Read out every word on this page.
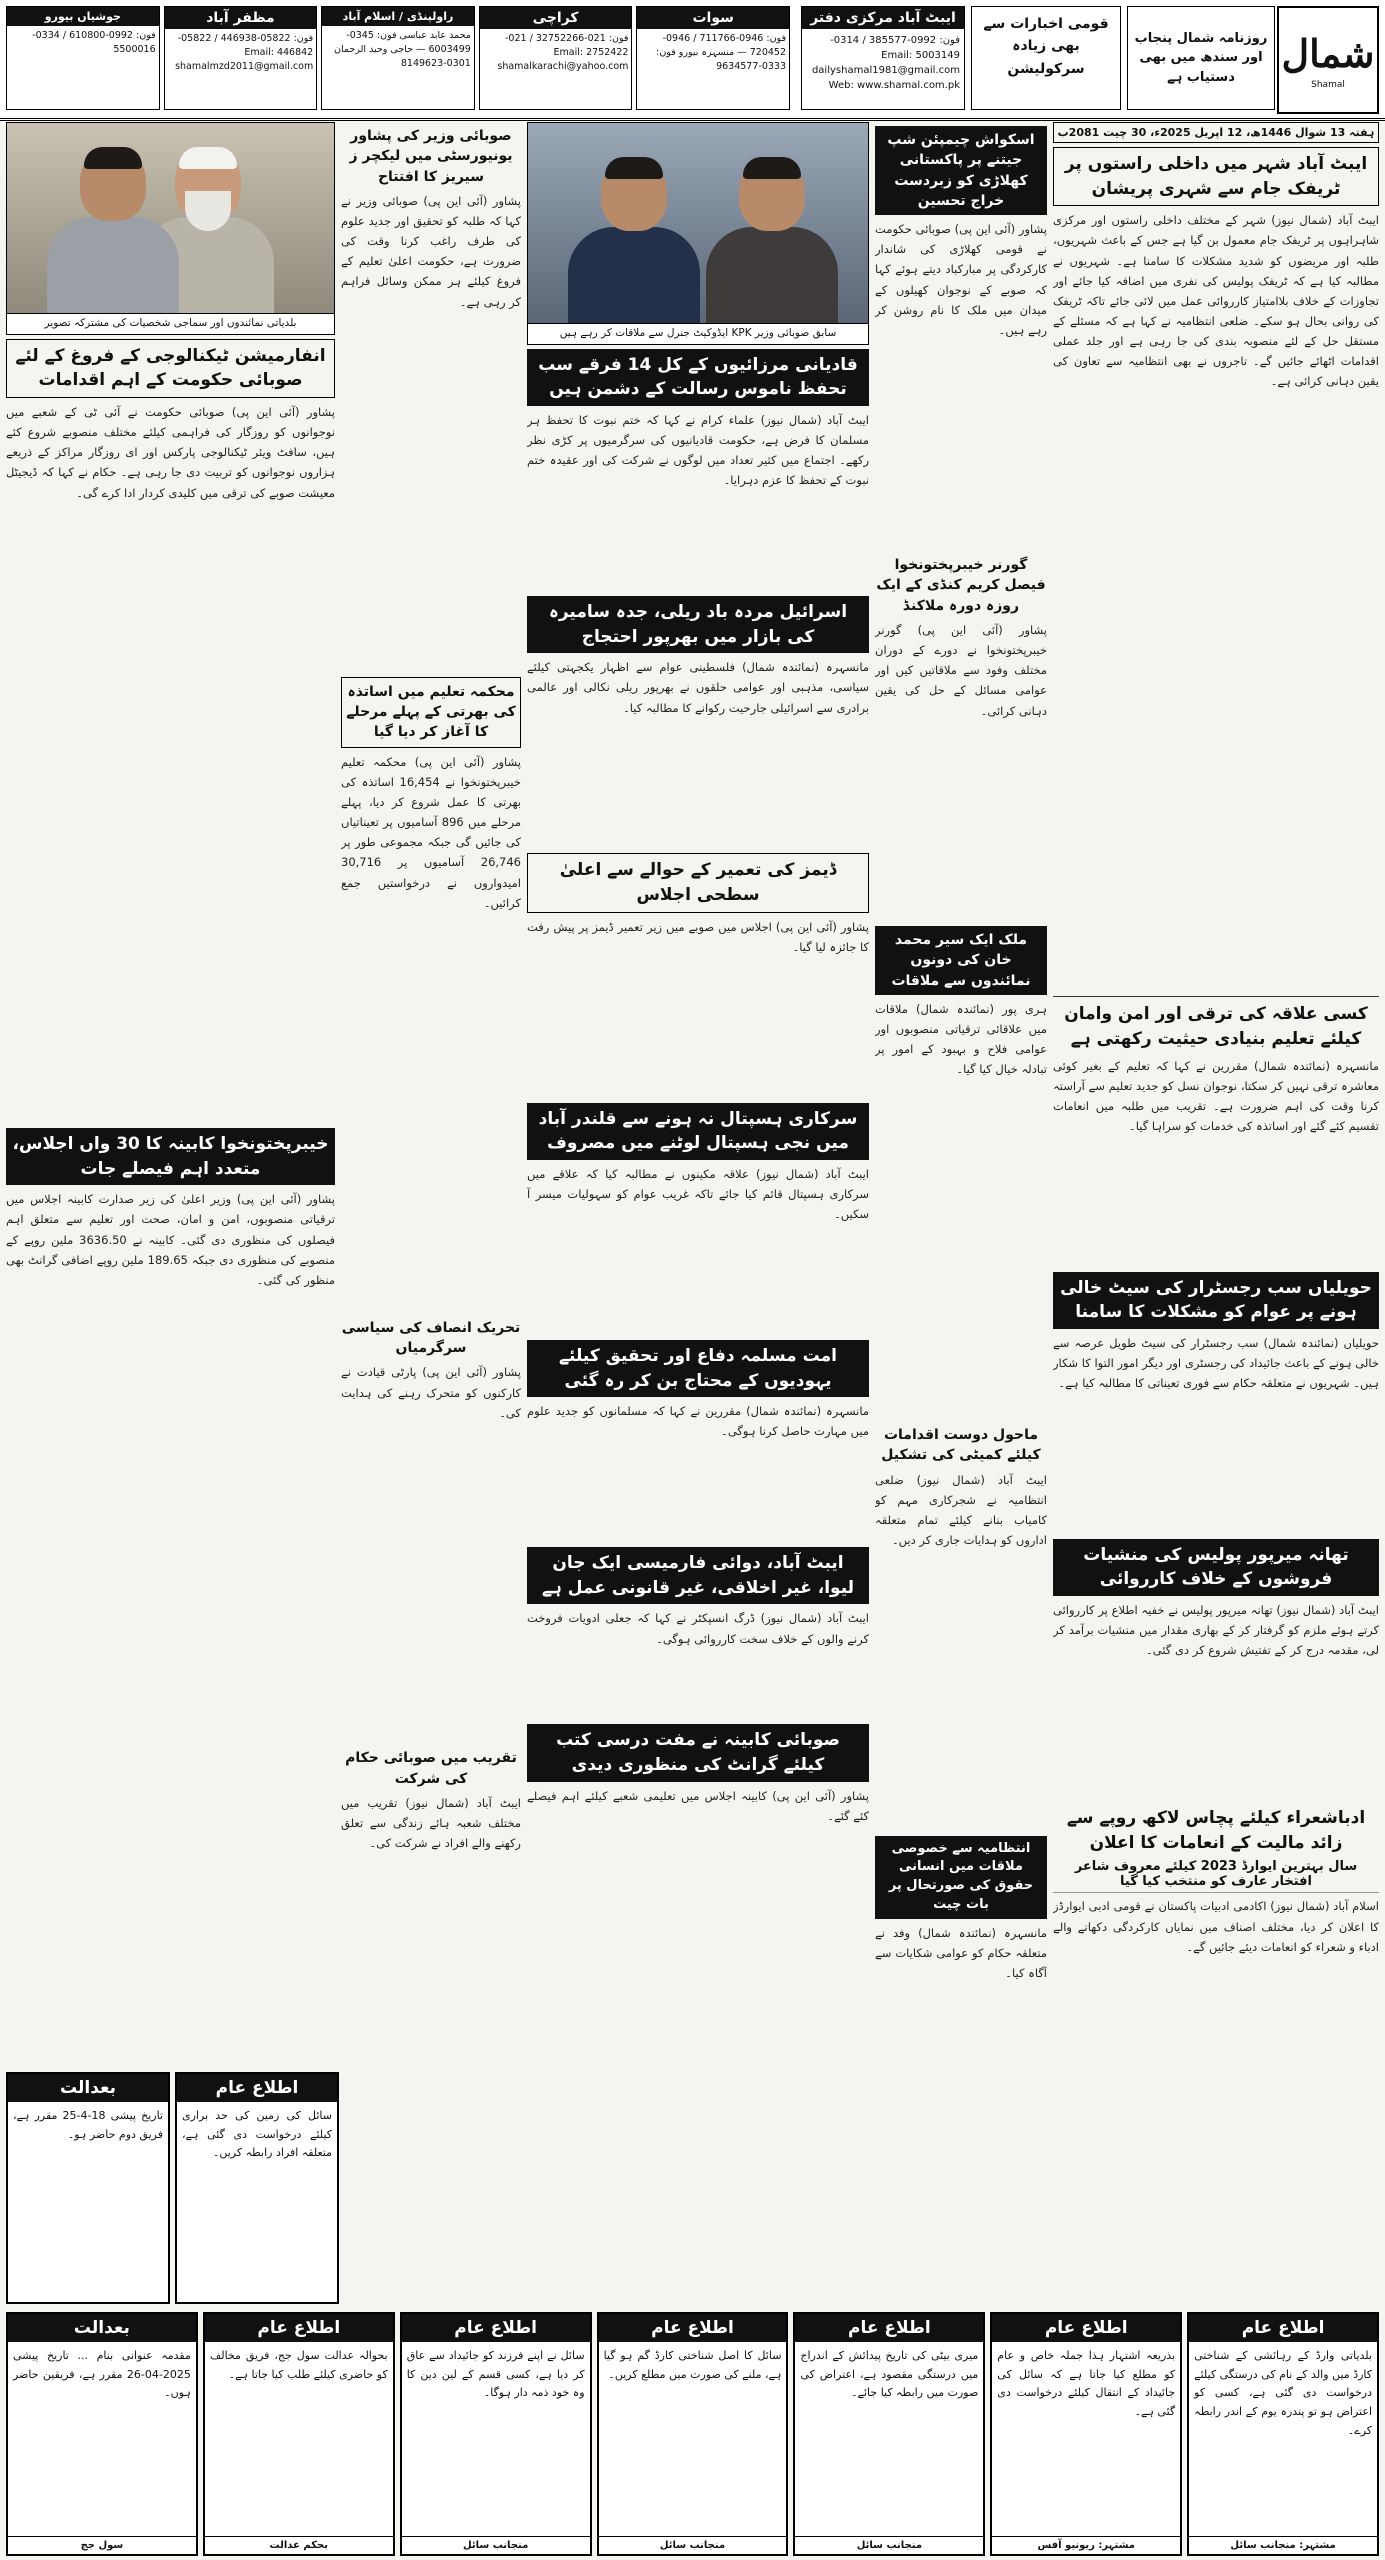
شمال
Shamal
روزنامہ شمال پنجاب اور سندھ میں بھی دستیاب ہے
قومی اخبارات سے بھی زیادہ سرکولیشن
ایبٹ آباد مرکزی دفتر
فون: 0992-385577 / 0314-5003149 Email: dailyshamal1981@gmail.com Web: www.shamal.com.pk
سوات
فون: 0946-711766 / 0946-720452 — منسہرہ بیورو فون: 0333-9634577
کراچی
فون: 021-32752266 / 021-2752422 Email: shamalkarachi@yahoo.com
راولپنڈی / اسلام آباد
محمد عابد عباسی فون: 0345-6003499 — حاجی وحید الرحمان 0301-8149623
مظفر آباد
فون: 05822-446938 / 05822-446842 Email: shamalmzd2011@gmail.com
جوشیاں بیورو
فون: 0992-610800 / 0334-5500016
ہفتہ 13 شوال 1446ھ، 12 اپریل 2025ء، 30 چیت 2081ب
ایبٹ آباد شہر میں داخلی راستوں پر ٹریفک جام سے شہری پریشان
ایبٹ آباد (شمال نیوز) شہر کے مختلف داخلی راستوں اور مرکزی شاہراہوں پر ٹریفک جام معمول بن گیا ہے جس کے باعث شہریوں، طلبہ اور مریضوں کو شدید مشکلات کا سامنا ہے۔ شہریوں نے مطالبہ کیا ہے کہ ٹریفک پولیس کی نفری میں اضافہ کیا جائے اور تجاوزات کے خلاف بلاامتیاز کارروائی عمل میں لائی جائے تاکہ ٹریفک کی روانی بحال ہو سکے۔ ضلعی انتظامیہ نے کہا ہے کہ مسئلے کے مستقل حل کے لئے منصوبہ بندی کی جا رہی ہے اور جلد عملی اقدامات اٹھائے جائیں گے۔ تاجروں نے بھی انتظامیہ سے تعاون کی یقین دہانی کرائی ہے۔
کسی علاقہ کی ترقی اور امن وامان کیلئے تعلیم بنیادی حیثیت رکھتی ہے
مانسہرہ (نمائندہ شمال) مقررین نے کہا کہ تعلیم کے بغیر کوئی معاشرہ ترقی نہیں کر سکتا، نوجوان نسل کو جدید تعلیم سے آراستہ کرنا وقت کی اہم ضرورت ہے۔ تقریب میں طلبہ میں انعامات تقسیم کئے گئے اور اساتذہ کی خدمات کو سراہا گیا۔
حویلیاں سب رجسٹرار کی سیٹ خالی ہونے پر عوام کو مشکلات کا سامنا
حویلیاں (نمائندہ شمال) سب رجسٹرار کی سیٹ طویل عرصہ سے خالی ہونے کے باعث جائیداد کی رجسٹری اور دیگر امور التوا کا شکار ہیں۔ شہریوں نے متعلقہ حکام سے فوری تعیناتی کا مطالبہ کیا ہے۔
تھانہ میرپور پولیس کی منشیات فروشوں کے خلاف کارروائی
ایبٹ آباد (شمال نیوز) تھانہ میرپور پولیس نے خفیہ اطلاع پر کارروائی کرتے ہوئے ملزم کو گرفتار کر کے بھاری مقدار میں منشیات برآمد کر لی، مقدمہ درج کر کے تفتیش شروع کر دی گئی۔
ادباشعراء کیلئے پچاس لاکھ روپے سے زائد مالیت کے انعامات کا اعلان
سال بہترین ایوارڈ 2023 کیلئے معروف شاعر افتخار عارف کو منتخب کیا گیا
اسلام آباد (شمال نیوز) اکادمی ادبیات پاکستان نے قومی ادبی ایوارڈز کا اعلان کر دیا، مختلف اصناف میں نمایاں کارکردگی دکھانے والے ادباء و شعراء کو انعامات دیئے جائیں گے۔
اسکواش چیمپئن شپ جیتنے پر پاکستانی کھلاڑی کو زبردست خراج تحسین
پشاور (آئی این پی) صوبائی حکومت نے قومی کھلاڑی کی شاندار کارکردگی پر مبارکباد دیتے ہوئے کہا کہ صوبے کے نوجوان کھیلوں کے میدان میں ملک کا نام روشن کر رہے ہیں۔
گورنر خیبرپختونخوا فیصل کریم کنڈی کے ایک روزہ دورہ ملاکنڈ
پشاور (آئی این پی) گورنر خیبرپختونخوا نے دورے کے دوران مختلف وفود سے ملاقاتیں کیں اور عوامی مسائل کے حل کی یقین دہانی کرائی۔
ملک ایک سیر محمد خان کی دونوں نمائندوں سے ملاقات
ہری پور (نمائندہ شمال) ملاقات میں علاقائی ترقیاتی منصوبوں اور عوامی فلاح و بہبود کے امور پر تبادلہ خیال کیا گیا۔
ماحول دوست اقدامات کیلئے کمیٹی کی تشکیل
ایبٹ آباد (شمال نیوز) ضلعی انتظامیہ نے شجرکاری مہم کو کامیاب بنانے کیلئے تمام متعلقہ اداروں کو ہدایات جاری کر دیں۔
انتظامیہ سے خصوصی ملاقات میں انسانی حقوق کی صورتحال پر بات چیت
مانسہرہ (نمائندہ شمال) وفد نے متعلقہ حکام کو عوامی شکایات سے آگاہ کیا۔
سابق صوبائی وزیر KPK ایڈوکیٹ جنرل سے ملاقات کر رہے ہیں
قادیانی مرزائیوں کے کل 14 فرقے سب تحفظ ناموس رسالت کے دشمن ہیں
ایبٹ آباد (شمال نیوز) علماء کرام نے کہا کہ ختم نبوت کا تحفظ ہر مسلمان کا فرض ہے، حکومت قادیانیوں کی سرگرمیوں پر کڑی نظر رکھے۔ اجتماع میں کثیر تعداد میں لوگوں نے شرکت کی اور عقیدہ ختم نبوت کے تحفظ کا عزم دہرایا۔
اسرائیل مردہ باد ریلی، جدہ سامیرہ کی بازار میں بھرپور احتجاج
مانسہرہ (نمائندہ شمال) فلسطینی عوام سے اظہار یکجہتی کیلئے سیاسی، مذہبی اور عوامی حلقوں نے بھرپور ریلی نکالی اور عالمی برادری سے اسرائیلی جارحیت رکوانے کا مطالبہ کیا۔
ڈیمز کی تعمیر کے حوالے سے اعلیٰ سطحی اجلاس
پشاور (آئی این پی) اجلاس میں صوبے میں زیر تعمیر ڈیمز پر پیش رفت کا جائزہ لیا گیا۔
سرکاری ہسپتال نہ ہونے سے قلندر آباد میں نجی ہسپتال لوٹنے میں مصروف
ایبٹ آباد (شمال نیوز) علاقہ مکینوں نے مطالبہ کیا کہ علاقے میں سرکاری ہسپتال قائم کیا جائے تاکہ غریب عوام کو سہولیات میسر آ سکیں۔
امت مسلمہ دفاع اور تحقیق کیلئے یہودیوں کے محتاج بن کر رہ گئی
مانسہرہ (نمائندہ شمال) مقررین نے کہا کہ مسلمانوں کو جدید علوم میں مہارت حاصل کرنا ہوگی۔
ایبٹ آباد، دوائی فارمیسی ایک جان لیوا، غیر اخلاقی، غیر قانونی عمل ہے
ایبٹ آباد (شمال نیوز) ڈرگ انسپکٹر نے کہا کہ جعلی ادویات فروخت کرنے والوں کے خلاف سخت کارروائی ہوگی۔
صوبائی کابینہ نے مفت درسی کتب کیلئے گرانٹ کی منظوری دیدی
پشاور (آئی این پی) کابینہ اجلاس میں تعلیمی شعبے کیلئے اہم فیصلے کئے گئے۔
صوبائی وزیر کی پشاور یونیورسٹی میں لیکچر ز سیریز کا افتتاح
پشاور (آئی این پی) صوبائی وزیر نے کہا کہ طلبہ کو تحقیق اور جدید علوم کی طرف راغب کرنا وقت کی ضرورت ہے، حکومت اعلیٰ تعلیم کے فروغ کیلئے ہر ممکن وسائل فراہم کر رہی ہے۔
محکمہ تعلیم میں اساتذہ کی بھرتی کے پہلے مرحلے کا آغاز کر دیا گیا
پشاور (آئی این پی) محکمہ تعلیم خیبرپختونخوا نے 16,454 اساتذہ کی بھرتی کا عمل شروع کر دیا، پہلے مرحلے میں 896 آسامیوں پر تعیناتیاں کی جائیں گی جبکہ مجموعی طور پر 26,746 آسامیوں پر 30,716 امیدواروں نے درخواستیں جمع کرائیں۔
تحریک انصاف کی سیاسی سرگرمیاں
پشاور (آئی این پی) پارٹی قیادت نے کارکنوں کو متحرک رہنے کی ہدایت کی۔
تقریب میں صوبائی حکام کی شرکت
ایبٹ آباد (شمال نیوز) تقریب میں مختلف شعبہ ہائے زندگی سے تعلق رکھنے والے افراد نے شرکت کی۔
بلدیاتی نمائندوں اور سماجی شخصیات کی مشترکہ تصویر
انفارمیشن ٹیکنالوجی کے فروغ کے لئے صوبائی حکومت کے اہم اقدامات
پشاور (آئی این پی) صوبائی حکومت نے آئی ٹی کے شعبے میں نوجوانوں کو روزگار کی فراہمی کیلئے مختلف منصوبے شروع کئے ہیں، سافٹ ویئر ٹیکنالوجی پارکس اور ای روزگار مراکز کے ذریعے ہزاروں نوجوانوں کو تربیت دی جا رہی ہے۔ حکام نے کہا کہ ڈیجیٹل معیشت صوبے کی ترقی میں کلیدی کردار ادا کرے گی۔
خیبرپختونخوا کابینہ کا 30 واں اجلاس، متعدد اہم فیصلے جات
پشاور (آئی این پی) وزیر اعلیٰ کی زیر صدارت کابینہ اجلاس میں ترقیاتی منصوبوں، امن و امان، صحت اور تعلیم سے متعلق اہم فیصلوں کی منظوری دی گئی۔ کابینہ نے 3636.50 ملین روپے کے منصوبے کی منظوری دی جبکہ 189.65 ملین روپے اضافی گرانٹ بھی منظور کی گئی۔
اطلاع عام
سائل کی زمین کی حد براری کیلئے درخواست دی گئی ہے، متعلقہ افراد رابطہ کریں۔
بعدالت
تاریخ پیشی 18-4-25 مقرر ہے، فریق دوم حاضر ہو۔
اطلاع عام
بلدیاتی وارڈ کے رہائشی کے شناختی کارڈ میں والد کے نام کی درستگی کیلئے درخواست دی گئی ہے، کسی کو اعتراض ہو تو پندرہ یوم کے اندر رابطہ کرے۔
مشتہر: منجانب سائل
اطلاع عام
بذریعہ اشتہار ہذا جملہ خاص و عام کو مطلع کیا جاتا ہے کہ سائل کی جائیداد کے انتقال کیلئے درخواست دی گئی ہے۔
مشتہر: ریونیو آفس
اطلاع عام
میری بیٹی کی تاریخ پیدائش کے اندراج میں درستگی مقصود ہے، اعتراض کی صورت میں رابطہ کیا جائے۔
منجانب سائل
اطلاع عام
سائل کا اصل شناختی کارڈ گم ہو گیا ہے، ملنے کی صورت میں مطلع کریں۔
منجانب سائل
اطلاع عام
سائل نے اپنے فرزند کو جائیداد سے عاق کر دیا ہے، کسی قسم کے لین دین کا وہ خود ذمہ دار ہوگا۔
منجانب سائل
اطلاع عام
بحوالہ عدالت سول جج، فریق مخالف کو حاضری کیلئے طلب کیا جاتا ہے۔
بحکم عدالت
بعدالت
مقدمہ عنوانی بنام ... تاریخ پیشی 2025-04-26 مقرر ہے، فریقین حاضر ہوں۔
سول جج
